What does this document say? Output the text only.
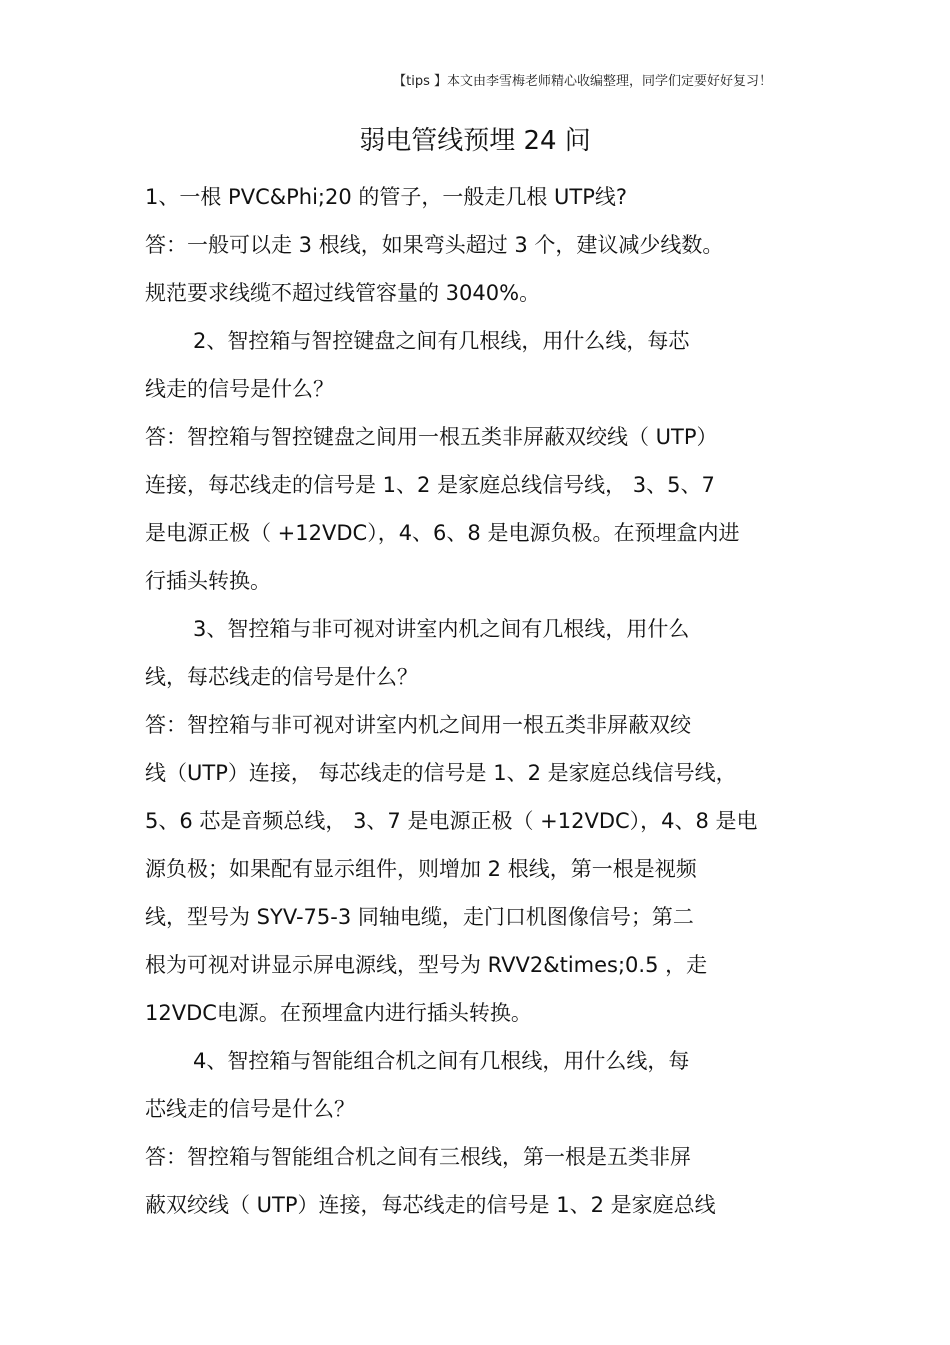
【tips 】本文由李雪梅老师精心收编整理，同学们定要好好复习！
弱电管线预埋 24 问
1、一根 PVC&Phi;20 的管子，一般走几根 UTP线?
答：一般可以走 3 根线，如果弯头超过 3 个，建议减少线数。
规范要求线缆不超过线管容量的 3040%。
2、智控箱与智控键盘之间有几根线，用什么线，每芯
线走的信号是什么？
答：智控箱与智控键盘之间用一根五类非屏蔽双绞线（ UTP）
连接，每芯线走的信号是 1、2 是家庭总线信号线， 3、5、7
是电源正极（ +12VDC），4、6、8 是电源负极。在预埋盒内进
行插头转换。
3、智控箱与非可视对讲室内机之间有几根线，用什么
线，每芯线走的信号是什么？
答：智控箱与非可视对讲室内机之间用一根五类非屏蔽双绞
线（UTP）连接， 每芯线走的信号是 1、2 是家庭总线信号线，
5、6 芯是音频总线， 3、7 是电源正极（ +12VDC），4、8 是电
源负极；如果配有显示组件，则增加 2 根线，第一根是视频
线，型号为 SYV-75-3 同轴电缆，走门口机图像信号；第二
根为可视对讲显示屏电源线，型号为 RVV2&times;0.5 ，走
12VDC电源。在预埋盒内进行插头转换。
4、智控箱与智能组合机之间有几根线，用什么线，每
芯线走的信号是什么？
答：智控箱与智能组合机之间有三根线，第一根是五类非屏
蔽双绞线（ UTP）连接，每芯线走的信号是 1、2 是家庭总线
